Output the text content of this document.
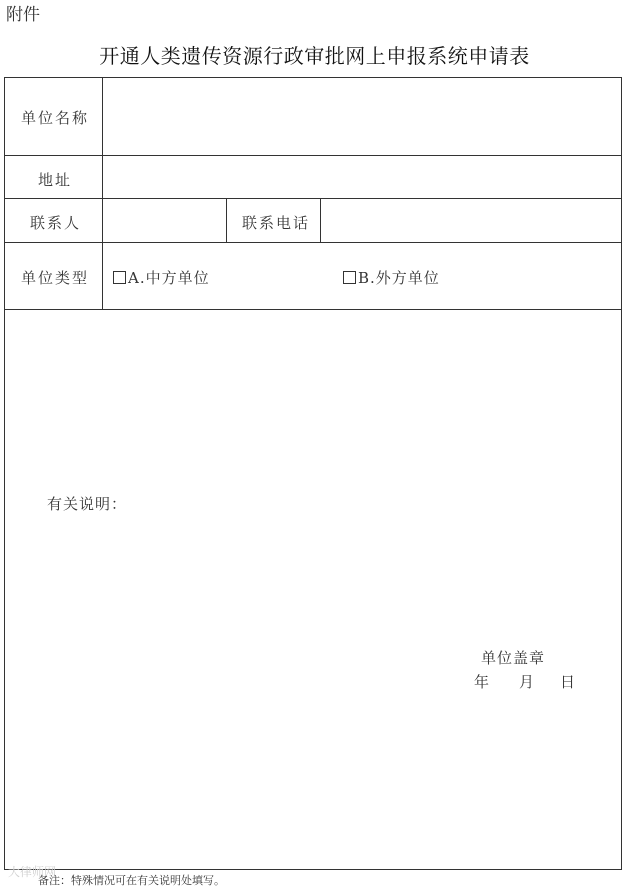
附件
开通人类遗传资源行政审批网上申报系统申请表
单位名称
地址
联系人	联系电话
单位类型	A.中方单位	B.外方单位
有关说明：
单位盖章
年 月 日
大律师网
备注：特殊情况可在有关说明处填写。
